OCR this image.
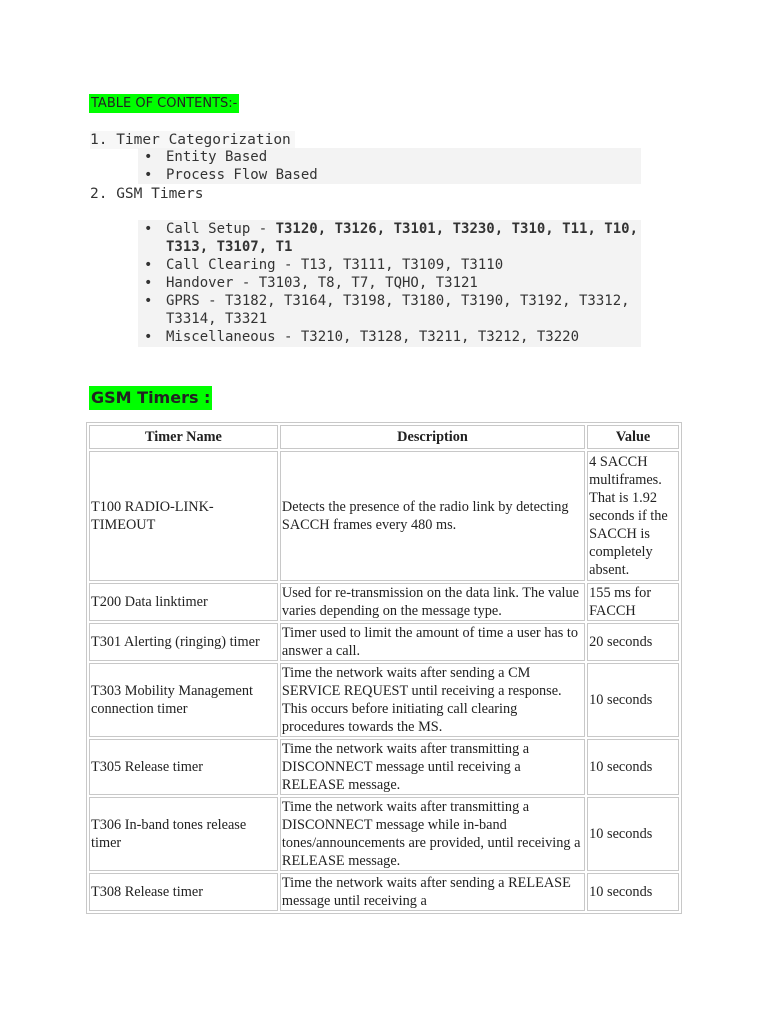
TABLE OF CONTENTS:-
1. Timer Categorization
• Entity Based
• Process Flow Based
2. GSM Timers
• Call Setup - T3120, T3126, T3101, T3230, T310, T11, T10, T313, T3107, T1
• Call Clearing - T13, T3111, T3109, T3110
• Handover - T3103, T8, T7, TQHO, T3121
• GPRS - T3182, T3164, T3198, T3180, T3190, T3192, T3312, T3314, T3321
• Miscellaneous - T3210, T3128, T3211, T3212, T3220
GSM Timers :
Timer Name	Description	Value
T100 RADIO-LINK-TIMEOUT	Detects the presence of the radio link by detecting SACCH frames every 480 ms.	4 SACCH multiframes. That is 1.92 seconds if the SACCH is completely absent.
T200 Data linktimer	Used for re-transmission on the data link. The value varies depending on the message type.	155 ms for FACCH
T301 Alerting (ringing) timer	Timer used to limit the amount of time a user has to answer a call.	20 seconds
T303 Mobility Management connection timer	Time the network waits after sending a CM SERVICE REQUEST until receiving a response. This occurs before initiating call clearing procedures towards the MS.	10 seconds
T305 Release timer	Time the network waits after transmitting a DISCONNECT message until receiving a RELEASE message.	10 seconds
T306 In-band tones release timer	Time the network waits after transmitting a DISCONNECT message while in-band tones/announcements are provided, until receiving a RELEASE message.	10 seconds
T308 Release timer	Time the network waits after sending a RELEASE message until receiving a	10 seconds
